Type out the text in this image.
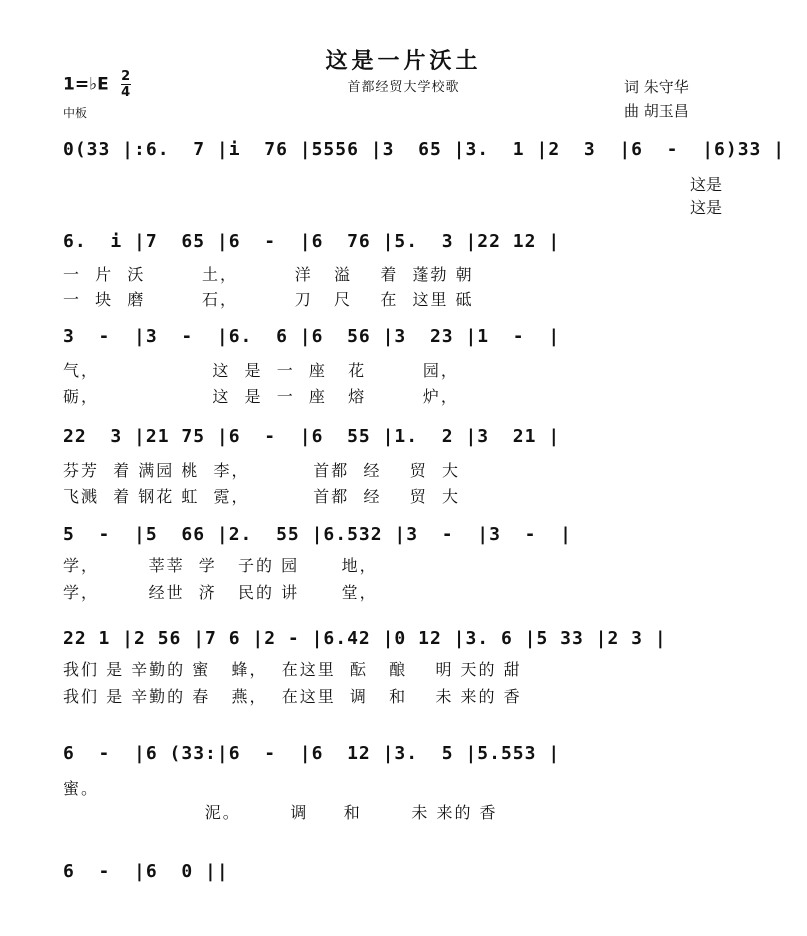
这是一片沃土
首都经贸大学校歌
1=♭E $\frac{2}{4}$
中板
词 朱守华
曲 胡玉昌
0(33 |:6.  7 |i  76 |5556 |3  65 |3.  1 |2  3  |6  -  |6)33 |
这是
这是
6.  i |7  65 |6  -  |6  76 |5.  3 |22 12 |
一  片  沃        土，        洋   溢    着  蓬勃 朝
一  块  磨        石，        刀   尺    在  这里 砥
3  -  |3  -  |6.  6 |6  56 |3  23 |1  -  |
气，                这  是  一  座   花        园，
砺，                这  是  一  座   熔        炉，
22  3 |21 75 |6  -  |6  55 |1.  2 |3  21 |
芬芳  着 满园 桃  李，         首都  经    贸  大
飞溅  着 钢花 虹  霓，         首都  经    贸  大
5  -  |5  66 |2.  55 |6.532 |3  -  |3  -  |
学，       莘莘  学   子的 园      地，
学，       经世  济   民的 讲      堂，
22 1 |2 56 |7 6 |2 - |6.42 |0 12 |3. 6 |5 33 |2 3 |
我们 是 辛勤的 蜜   蜂，  在这里  酝   酿    明 天的 甜
我们 是 辛勤的 春   燕，  在这里  调   和    未 来的 香
6  -  |6 (33:|6  -  |6  12 |3.  5 |5.553 |
蜜。
泥。       调     和       未 来的 香
6  -  |6  0 ||
